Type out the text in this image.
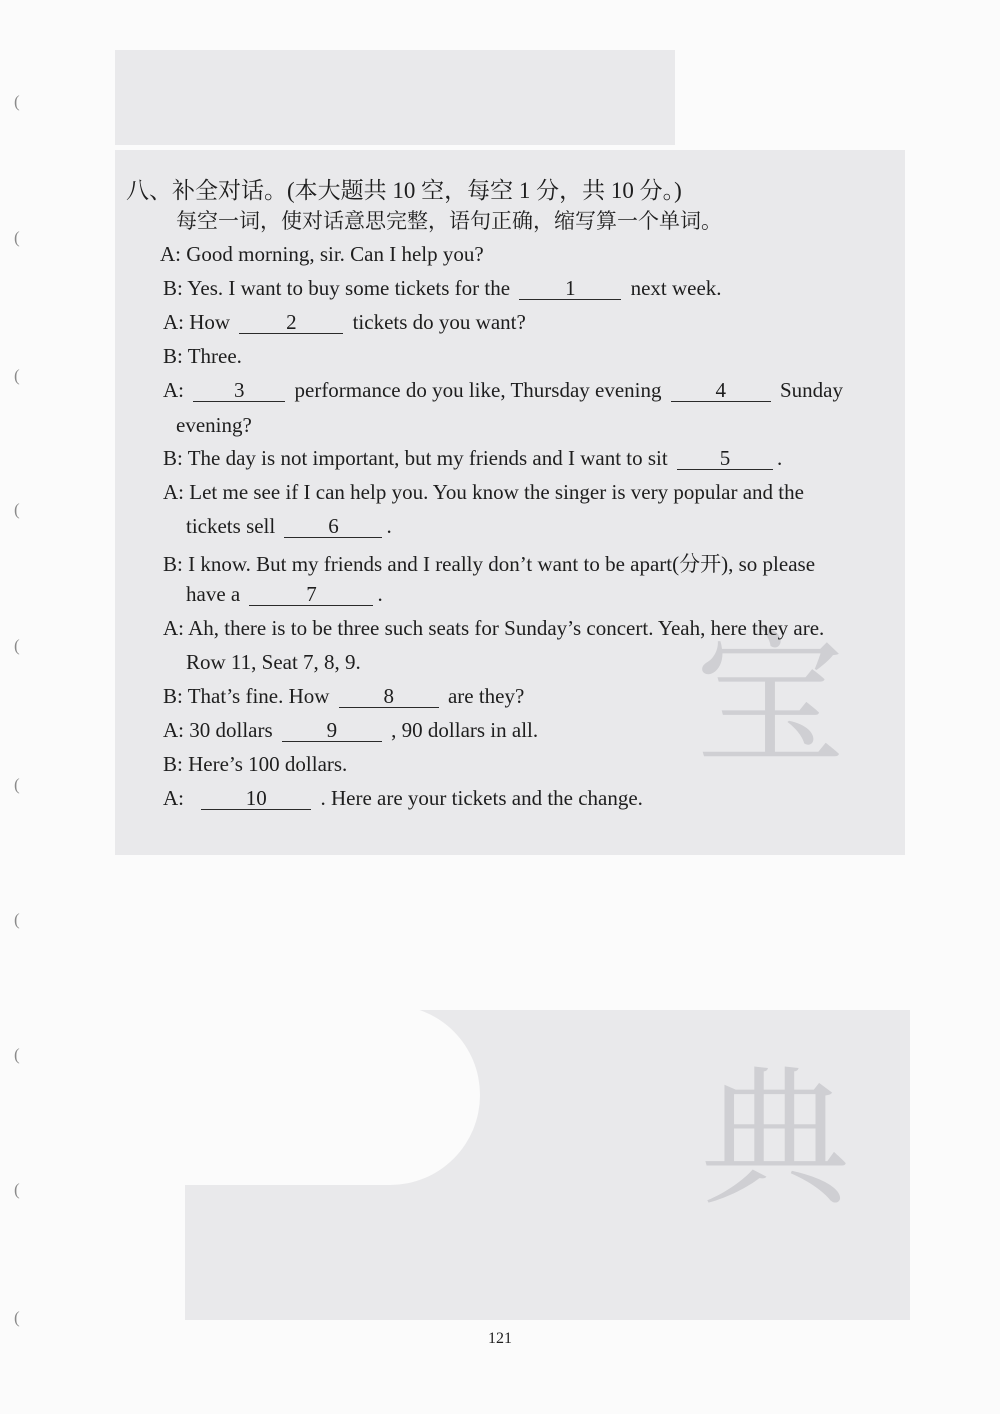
宝
典
(
(
(
(
(
(
(
(
(
(
八、补全对话。(本大题共 10 空，每空 1 分，共 10 分。)
每空一词，使对话意思完整，语句正确，缩写算一个单词。
A: Good morning, sir. Can I help you?
B: Yes. I want to buy some tickets for the	1	next week.
A: How	2	tickets do you want?
B: Three.
A: 3 performance do you like, Thursday evening	4	Sunday
evening?
B: The day is not important, but my friends and I want to sit 5 .
A: Let me see if I can help you. You know the singer is very popular and the
tickets sell	6 .
B: I know. But my friends and I really don’t want to be apart(分开), so please
have a	7	.
A: Ah, there is to be three such seats for Sunday’s concert. Yeah, here they are.
Row 11, Seat 7, 8, 9.
B: That’s fine. How	8	are they?
A: 30 dollars	9	, 90 dollars in all.
B: Here’s 100 dollars.
A:	10	. Here are your tickets and the change.
121
